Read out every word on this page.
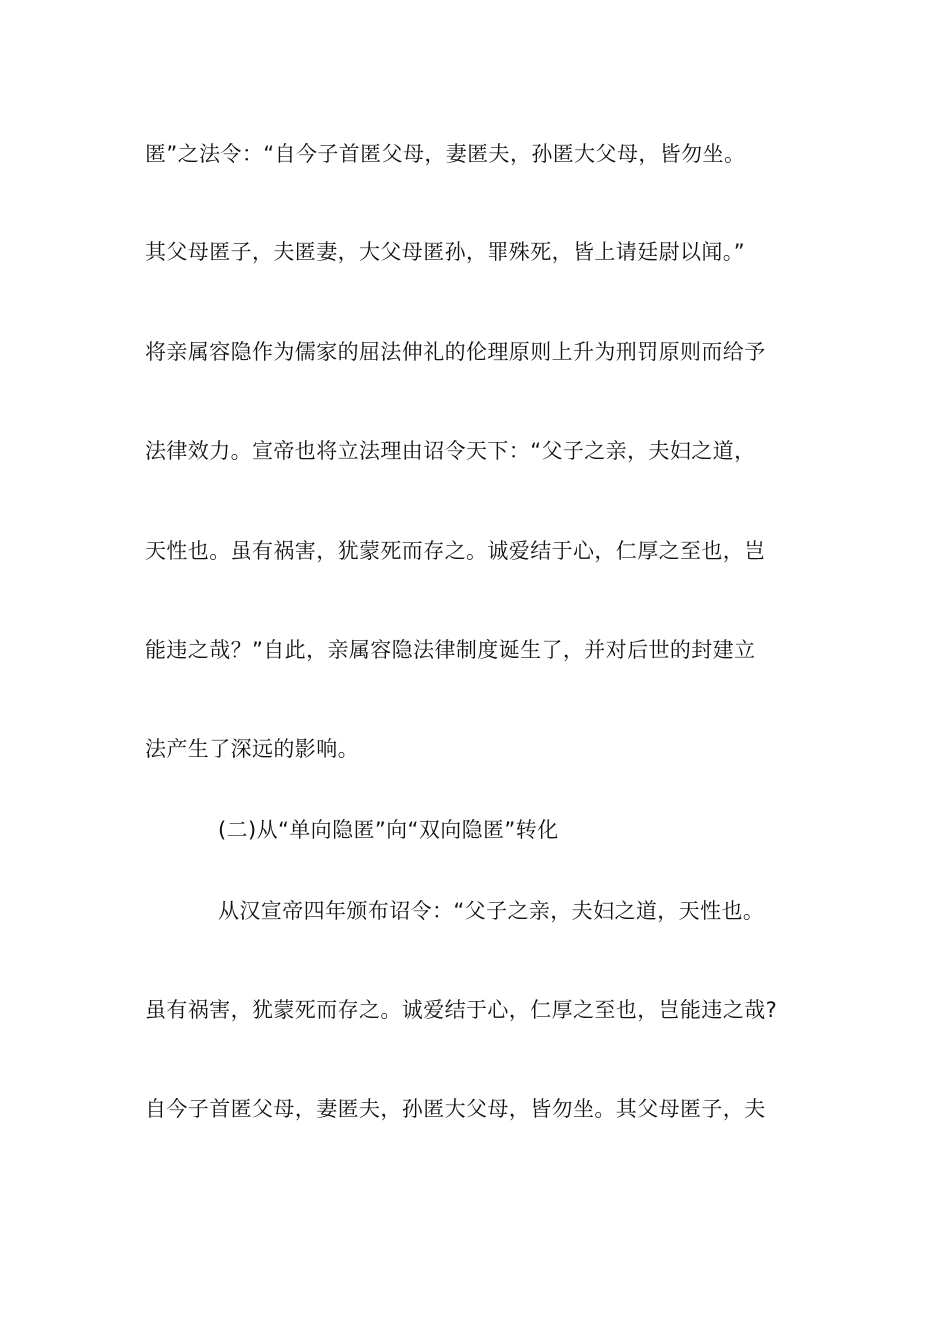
匿”之法令：“自今子首匿父母，妻匿夫，孙匿大父母，皆勿坐。
其父母匿子，夫匿妻，大父母匿孙，罪殊死，皆上请廷尉以闻。”
将亲属容隐作为儒家的屈法伸礼的伦理原则上升为刑罚原则而给予
法律效力。宣帝也将立法理由诏令天下：“父子之亲，夫妇之道，
天性也。虽有祸害，犹蒙死而存之。诚爱结于心，仁厚之至也，岂
能违之哉？”自此，亲属容隐法律制度诞生了，并对后世的封建立
法产生了深远的影响。
(二)从“单向隐匿”向“双向隐匿”转化
从汉宣帝四年颁布诏令：“父子之亲，夫妇之道，天性也。
虽有祸害，犹蒙死而存之。诚爱结于心，仁厚之至也，岂能违之哉?
自今子首匿父母，妻匿夫，孙匿大父母，皆勿坐。其父母匿子，夫
